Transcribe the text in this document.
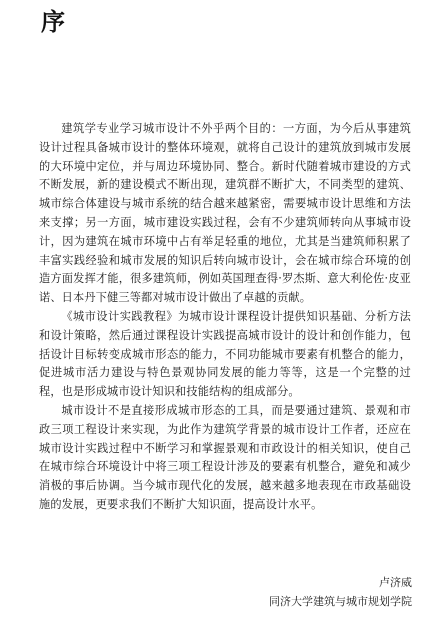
序

建筑学专业学习城市设计不外乎两个目的：一方面，为今后从事建筑设计过程具备城市设计的整体环境观，就将自己设计的建筑放到城市发展的大环境中定位，并与周边环境协同、整合。新时代随着城市建设的方式不断发展，新的建设模式不断出现，建筑群不断扩大，不同类型的建筑、城市综合体建设与城市系统的结合越来越紧密，需要城市设计思维和方法来支撑；另一方面，城市建设实践过程，会有不少建筑师转向从事城市设计，因为建筑在城市环境中占有举足轻重的地位，尤其是当建筑师积累了丰富实践经验和城市发展的知识后转向城市设计，会在城市综合环境的创造方面发挥才能，很多建筑师，例如英国理查得·罗杰斯、意大利伦佐·皮亚诺、日本丹下健三等都对城市设计做出了卓越的贡献。

《城市设计实践教程》为城市设计课程设计提供知识基础、分析方法和设计策略，然后通过课程设计实践提高城市设计的设计和创作能力，包括设计目标转变成城市形态的能力，不同功能城市要素有机整合的能力，促进城市活力建设与特色景观协同发展的能力等等，这是一个完整的过程，也是形成城市设计知识和技能结构的组成部分。

城市设计不是直接形成城市形态的工具，而是要通过建筑、景观和市政三项工程设计来实现，为此作为建筑学背景的城市设计工作者，还应在城市设计实践过程中不断学习和掌握景观和市政设计的相关知识，使自己在城市综合环境设计中将三项工程设计涉及的要素有机整合，避免和减少消极的事后协调。当今城市现代化的发展，越来越多地表现在市政基础设施的发展，更要求我们不断扩大知识面，提高设计水平。

卢济威
同济大学建筑与城市规划学院
